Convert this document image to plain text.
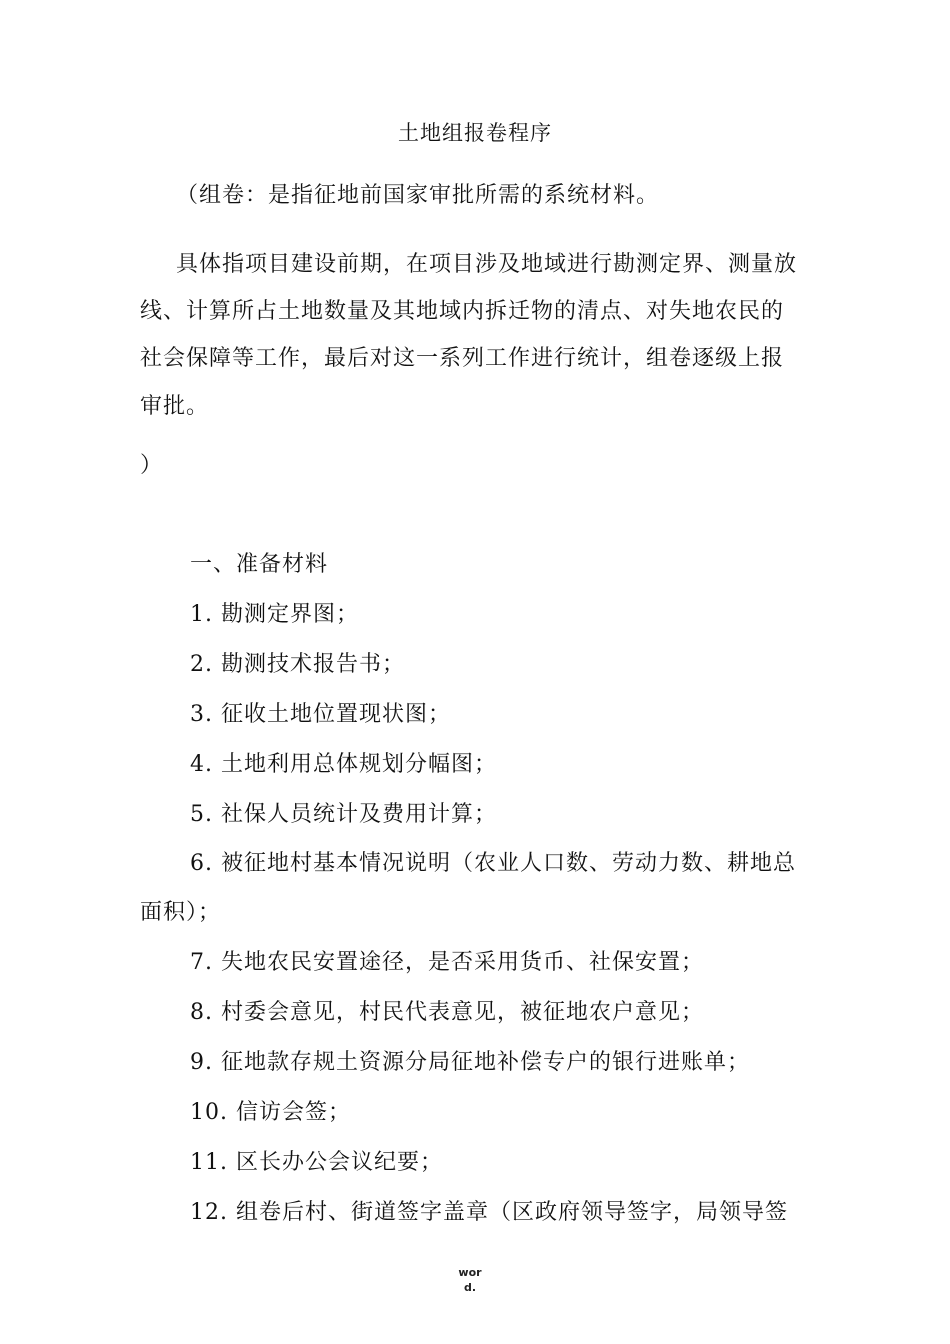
土地组报卷程序
（组卷：是指征地前国家审批所需的系统材料。
具体指项目建设前期，在项目涉及地域进行勘测定界、测量放
线、计算所占土地数量及其地域内拆迁物的清点、对失地农民的
社会保障等工作，最后对这一系列工作进行统计，组卷逐级上报
审批。
）
一、准备材料
1. 勘测定界图；
2. 勘测技术报告书；
3. 征收土地位置现状图；
4. 土地利用总体规划分幅图；
5. 社保人员统计及费用计算；
6. 被征地村基本情况说明（农业人口数、劳动力数、耕地总
面积）；
7. 失地农民安置途径，是否采用货币、社保安置；
8. 村委会意见，村民代表意见，被征地农户意见；
9. 征地款存规土资源分局征地补偿专户的银行进账单；
10. 信访会签；
11. 区长办公会议纪要；
12. 组卷后村、街道签字盖章（区政府领导签字，局领导签
wor
d.
